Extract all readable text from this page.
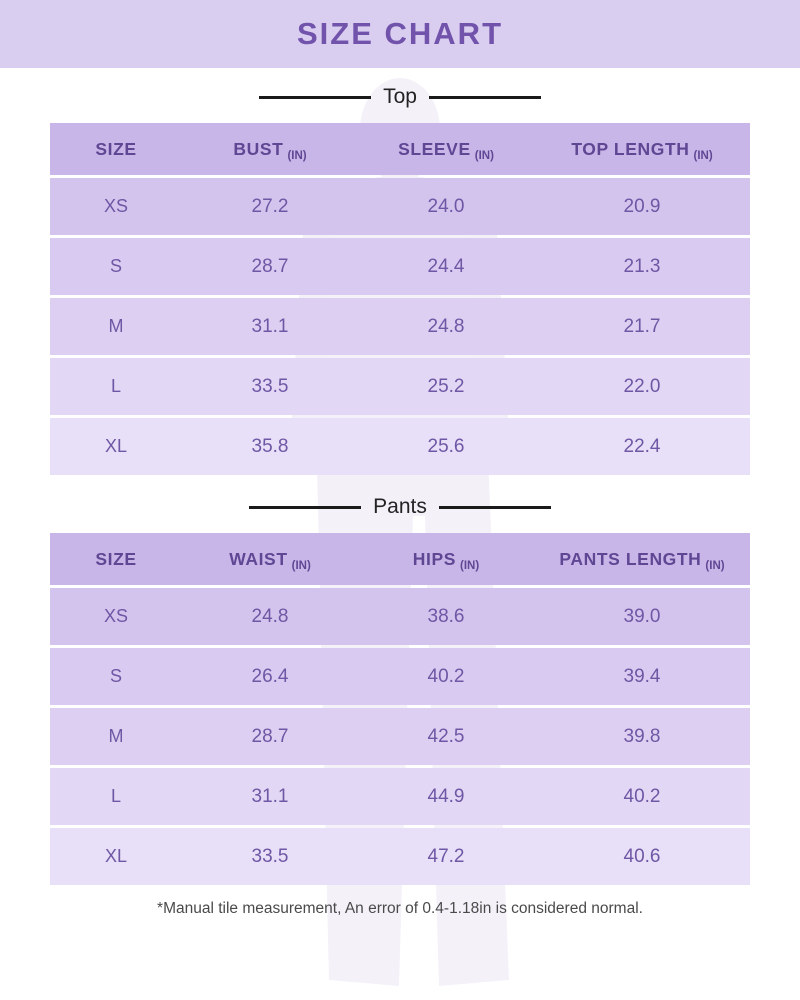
SIZE CHART
Top
SIZE	BUST $_{(IN)}$	SLEEVE $_{(IN)}$	TOP LENGTH $_{(IN)}$
XS	27.2	24.0	20.9
S	28.7	24.4	21.3
M	31.1	24.8	21.7
L	33.5	25.2	22.0
XL	35.8	25.6	22.4
Pants
SIZE	WAIST $_{(IN)}$	HIPS $_{(IN)}$	PANTS LENGTH $_{(IN)}$
XS	24.8	38.6	39.0
S	26.4	40.2	39.4
M	28.7	42.5	39.8
L	31.1	44.9	40.2
XL	33.5	47.2	40.6
*Manual tile measurement, An error of 0.4-1.18in is considered normal.
